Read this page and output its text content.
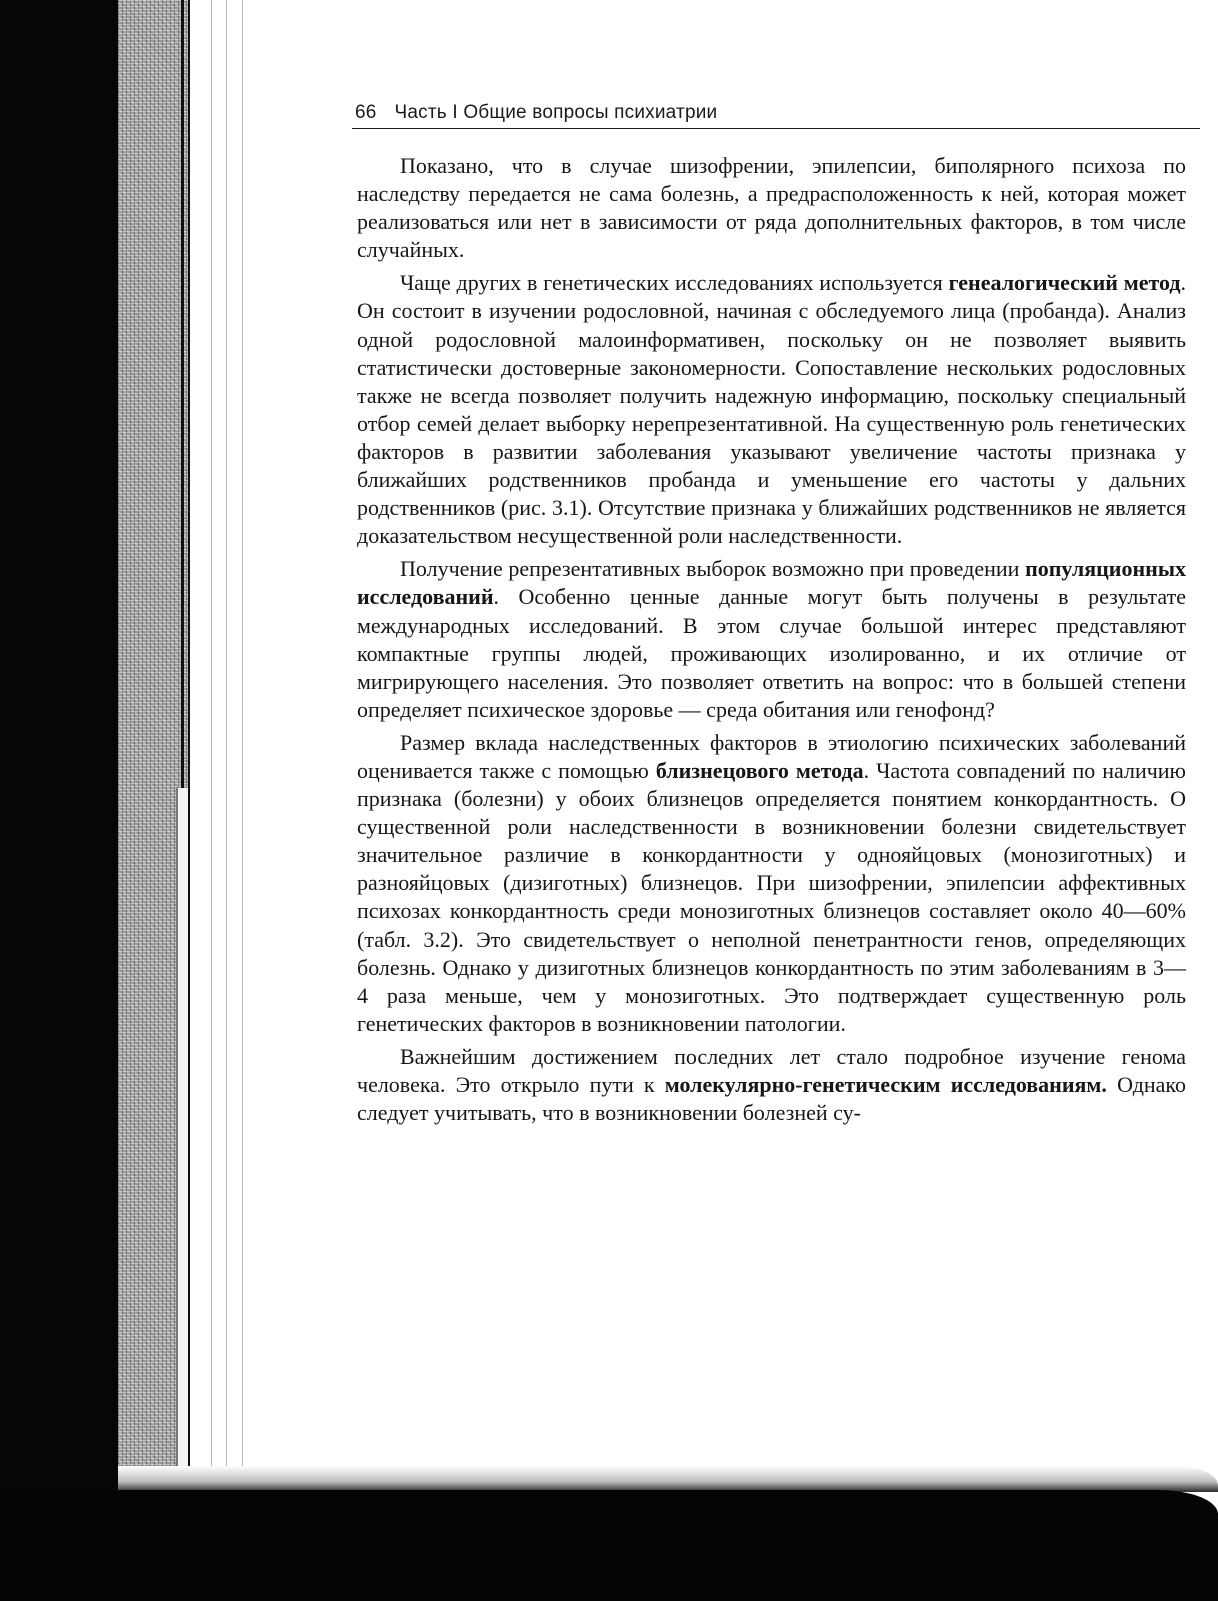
66 Часть I Общие вопросы психиатрии

Показано, что в случае шизофрении, эпилепсии, биполярного психоза по наследству передается не сама болезнь, а предрасположенность к ней, которая может реализоваться или нет в зависимости от ряда дополнительных факторов, в том числе случайных.

Чаще других в генетических исследованиях используется генеалогический метод. Он состоит в изучении родословной, начиная с обследуемого лица (пробанда). Анализ одной родословной малоинформативен, поскольку он не позволяет выявить статистически достоверные закономерности. Сопоставление нескольких родословных также не всегда позволяет получить надежную информацию, поскольку специальный отбор семей делает выборку нерепрезентативной. На существенную роль генетических факторов в развитии заболевания указывают увеличение частоты признака у ближайших родственников пробанда и уменьшение его частоты у дальних родственников (рис. 3.1). Отсутствие признака у ближайших родственников не является доказательством несущественной роли наследственности.

Получение репрезентативных выборок возможно при проведении популяционных исследований. Особенно ценные данные могут быть получены в результате международных исследований. В этом случае большой интерес представляют компактные группы людей, проживающих изолированно, и их отличие от мигрирующего населения. Это позволяет ответить на вопрос: что в большей степени определяет психическое здоровье — среда обитания или генофонд?

Размер вклада наследственных факторов в этиологию психических заболеваний оценивается также с помощью близнецового метода. Частота совпадений по наличию признака (болезни) у обоих близнецов определяется понятием конкордантность. О существенной роли наследственности в возникновении болезни свидетельствует значительное различие в конкордантности у однояйцовых (монозиготных) и разнояйцовых (дизиготных) близнецов. При шизофрении, эпилепсии аффективных психозах конкордантность среди монозиготных близнецов составляет около 40—60% (табл. 3.2). Это свидетельствует о неполной пенетрантности генов, определяющих болезнь. Однако у дизиготных близнецов конкордантность по этим заболеваниям в 3—4 раза меньше, чем у монозиготных. Это подтверждает существенную роль генетических факторов в возникновении патологии.

Важнейшим достижением последних лет стало подробное изучение генома человека. Это открыло пути к молекулярно-генетическим исследованиям. Однако следует учитывать, что в возникновении болезней су-
